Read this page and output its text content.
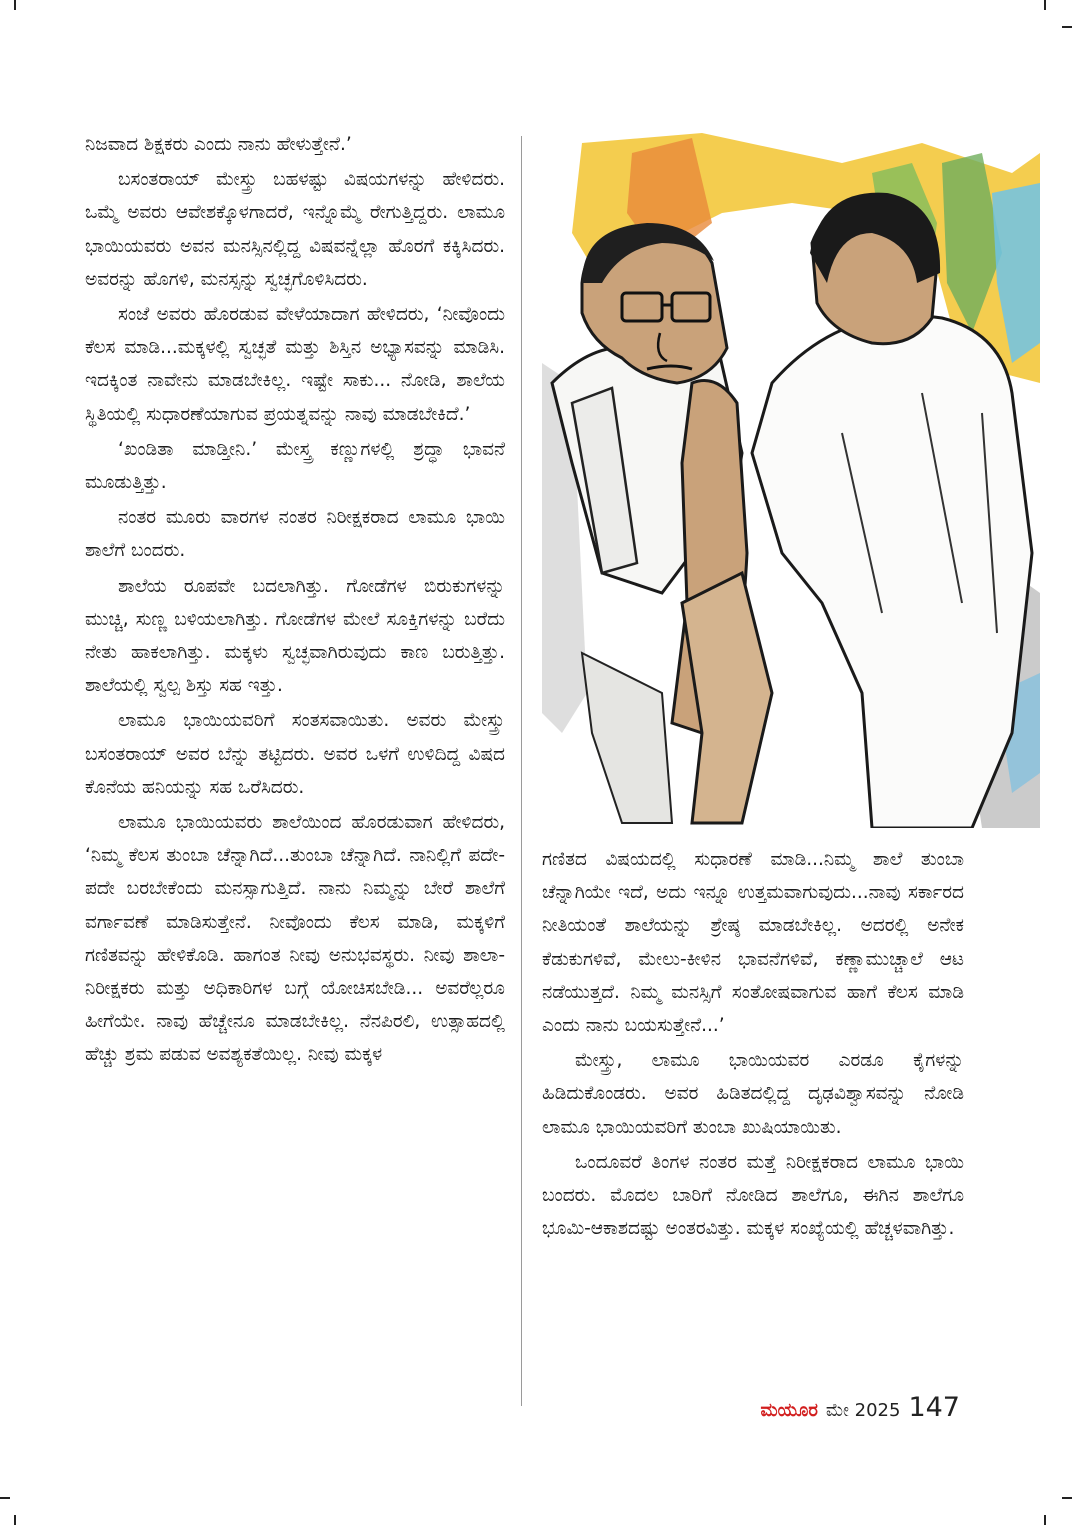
ನಿಜವಾದ ಶಿಕ್ಷಕರು ಎಂದು ನಾನು ಹೇಳುತ್ತೇನೆ.’

ಬಸಂತರಾಯ್ ಮೇಸ್ತ್ರು ಬಹಳಷ್ಟು ವಿಷಯಗಳನ್ನು ಹೇಳಿದರು. ಒಮ್ಮೆ ಅವರು ಆವೇಶಕ್ಕೊಳಗಾದರೆ, ಇನ್ನೊಮ್ಮೆ ರೇಗುತ್ತಿದ್ದರು. ಲಾಮೂ ಭಾಯಿಯವರು ಅವನ ಮನಸ್ಸಿನಲ್ಲಿದ್ದ ವಿಷವನ್ನೆಲ್ಲಾ ಹೊರಗೆ ಕಕ್ಕಿಸಿದರು. ಅವರನ್ನು ಹೊಗಳಿ, ಮನಸ್ಸನ್ನು ಸ್ವಚ್ಛಗೊಳಿಸಿದರು.

ಸಂಜೆ ಅವರು ಹೊರಡುವ ವೇಳೆಯಾದಾಗ ಹೇಳಿದರು, ‘ನೀವೊಂದು ಕೆಲಸ ಮಾಡಿ...ಮಕ್ಕಳಲ್ಲಿ ಸ್ವಚ್ಛತೆ ಮತ್ತು ಶಿಸ್ತಿನ ಅಭ್ಯಾಸವನ್ನು ಮಾಡಿಸಿ. ಇದಕ್ಕಿಂತ ನಾವೇನು ಮಾಡಬೇಕಿಲ್ಲ. ಇಷ್ಟೇ ಸಾಕು... ನೋಡಿ, ಶಾಲೆಯ ಸ್ಥಿತಿಯಲ್ಲಿ ಸುಧಾರಣೆಯಾಗುವ ಪ್ರಯತ್ನವನ್ನು ನಾವು ಮಾಡಬೇಕಿದೆ.’

‘ಖಂಡಿತಾ ಮಾಡ್ತೀನಿ.’ ಮೇಸ್ತ್ರ ಕಣ್ಣುಗಳಲ್ಲಿ ಶ್ರದ್ಧಾ ಭಾವನೆ ಮೂಡುತ್ತಿತ್ತು.

ನಂತರ ಮೂರು ವಾರಗಳ ನಂತರ ನಿರೀಕ್ಷಕರಾದ ಲಾಮೂ ಭಾಯಿ ಶಾಲೆಗೆ ಬಂದರು.

ಶಾಲೆಯ ರೂಪವೇ ಬದಲಾಗಿತ್ತು. ಗೋಡೆಗಳ ಬಿರುಕುಗಳನ್ನು ಮುಚ್ಚಿ, ಸುಣ್ಣ ಬಳಿಯಲಾಗಿತ್ತು. ಗೋಡೆಗಳ ಮೇಲೆ ಸೂಕ್ತಿಗಳನ್ನು ಬರೆದು ನೇತು ಹಾಕಲಾಗಿತ್ತು. ಮಕ್ಕಳು ಸ್ವಚ್ಛವಾಗಿರುವುದು ಕಾಣ ಬರುತ್ತಿತ್ತು. ಶಾಲೆಯಲ್ಲಿ ಸ್ವಲ್ಪ ಶಿಸ್ತು ಸಹ ಇತ್ತು.

ಲಾಮೂ ಭಾಯಿಯವರಿಗೆ ಸಂತಸವಾಯಿತು. ಅವರು ಮೇಸ್ತ್ರು ಬಸಂತರಾಯ್ ಅವರ ಬೆನ್ನು ತಟ್ಟಿದರು. ಅವರ ಒಳಗೆ ಉಳಿದಿದ್ದ ವಿಷದ ಕೊನೆಯ ಹನಿಯನ್ನು ಸಹ ಒರೆಸಿದರು.

ಲಾಮೂ ಭಾಯಿಯವರು ಶಾಲೆಯಿಂದ ಹೊರಡುವಾಗ ಹೇಳಿದರು, ‘ನಿಮ್ಮ ಕೆಲಸ ತುಂಬಾ ಚೆನ್ನಾಗಿದೆ...ತುಂಬಾ ಚೆನ್ನಾಗಿದೆ. ನಾನಿಲ್ಲಿಗೆ ಪದೇ-ಪದೇ ಬರಬೇಕೆಂದು ಮನಸ್ಸಾಗುತ್ತಿದೆ. ನಾನು ನಿಮ್ಮನ್ನು ಬೇರೆ ಶಾಲೆಗೆ ವರ್ಗಾವಣೆ ಮಾಡಿಸುತ್ತೇನೆ. ನೀವೊಂದು ಕೆಲಸ ಮಾಡಿ, ಮಕ್ಕಳಿಗೆ ಗಣಿತವನ್ನು ಹೇಳಿಕೊಡಿ. ಹಾಗಂತ ನೀವು ಅನುಭವಸ್ಥರು. ನೀವು ಶಾಲಾ-ನಿರೀಕ್ಷಕರು ಮತ್ತು ಅಧಿಕಾರಿಗಳ ಬಗ್ಗೆ ಯೋಚಿಸಬೇಡಿ... ಅವರೆಲ್ಲರೂ ಹೀಗೆಯೇ. ನಾವು ಹೆಚ್ಚೇನೂ ಮಾಡಬೇಕಿಲ್ಲ. ನೆನಪಿರಲಿ, ಉತ್ಸಾಹದಲ್ಲಿ ಹೆಚ್ಚು ಶ್ರಮ ಪಡುವ ಅವಶ್ಯಕತೆಯಿಲ್ಲ. ನೀವು ಮಕ್ಕಳ

ಗಣಿತದ ವಿಷಯದಲ್ಲಿ ಸುಧಾರಣೆ ಮಾಡಿ...ನಿಮ್ಮ ಶಾಲೆ ತುಂಬಾ ಚೆನ್ನಾಗಿಯೇ ಇದೆ, ಅದು ಇನ್ನೂ ಉತ್ತಮವಾಗುವುದು...ನಾವು ಸರ್ಕಾರದ ನೀತಿಯಂತೆ ಶಾಲೆಯನ್ನು ಶ್ರೇಷ್ಠ ಮಾಡಬೇಕಿಲ್ಲ. ಅದರಲ್ಲಿ ಅನೇಕ ಕೆಡುಕುಗಳಿವೆ, ಮೇಲು-ಕೀಳಿನ ಭಾವನೆಗಳಿವೆ, ಕಣ್ಣಾಮುಚ್ಚಾಲೆ ಆಟ ನಡೆಯುತ್ತದೆ. ನಿಮ್ಮ ಮನಸ್ಸಿಗೆ ಸಂತೋಷವಾಗುವ ಹಾಗೆ ಕೆಲಸ ಮಾಡಿ ಎಂದು ನಾನು ಬಯಸುತ್ತೇನೆ...’

ಮೇಸ್ತ್ರು, ಲಾಮೂ ಭಾಯಿಯವರ ಎರಡೂ ಕೈಗಳನ್ನು ಹಿಡಿದುಕೊಂಡರು. ಅವರ ಹಿಡಿತದಲ್ಲಿದ್ದ ದೃಢವಿಶ್ವಾಸವನ್ನು ನೋಡಿ ಲಾಮೂ ಭಾಯಿಯವರಿಗೆ ತುಂಬಾ ಖುಷಿಯಾಯಿತು.

ಒಂದೂವರೆ ತಿಂಗಳ ನಂತರ ಮತ್ತೆ ನಿರೀಕ್ಷಕರಾದ ಲಾಮೂ ಭಾಯಿ ಬಂದರು. ಮೊದಲ ಬಾರಿಗೆ ನೋಡಿದ ಶಾಲೆಗೂ, ಈಗಿನ ಶಾಲೆಗೂ ಭೂಮಿ-ಆಕಾಶದಷ್ಟು ಅಂತರವಿತ್ತು. ಮಕ್ಕಳ ಸಂಖ್ಯೆಯಲ್ಲಿ ಹೆಚ್ಚಳವಾಗಿತ್ತು.

ಮಯೂರ ಮೇ 2025 147
